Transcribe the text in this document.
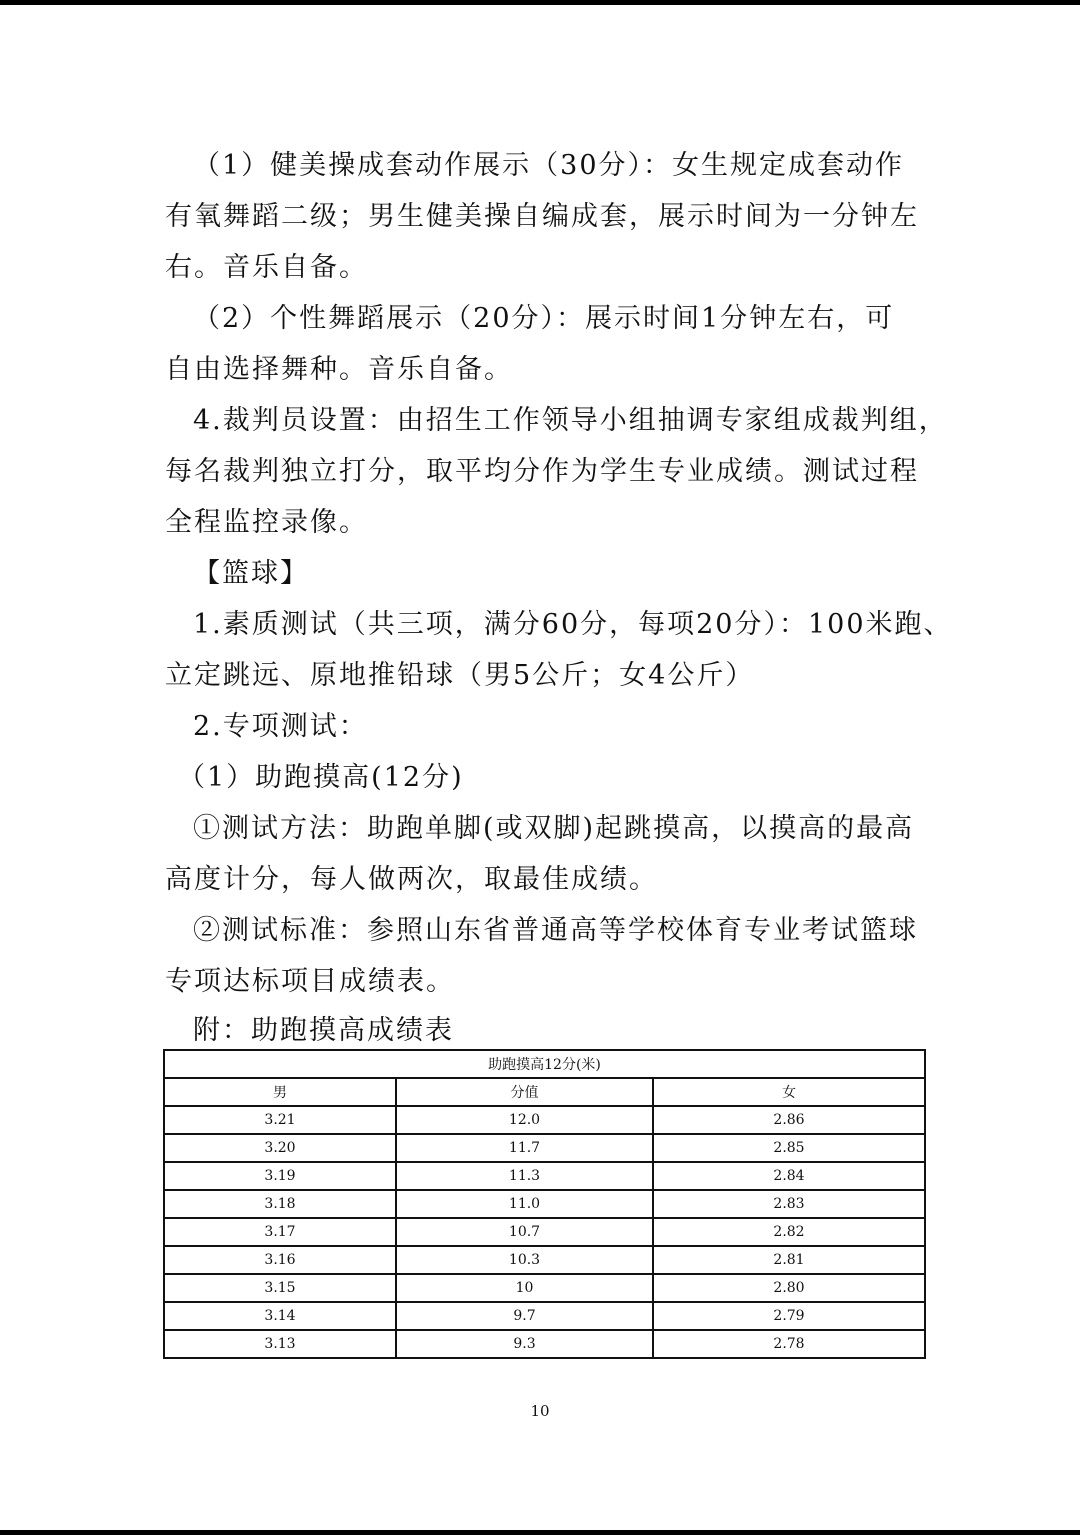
（1）健美操成套动作展示（30分）：女生规定成套动作

有氧舞蹈二级；男生健美操自编成套，展示时间为一分钟左

右。音乐自备。

（2）个性舞蹈展示（20分）：展示时间1分钟左右，可

自由选择舞种。音乐自备。

4.裁判员设置：由招生工作领导小组抽调专家组成裁判组，

每名裁判独立打分，取平均分作为学生专业成绩。测试过程

全程监控录像。

【篮球】

1.素质测试（共三项，满分60分，每项20分）：100米跑、

立定跳远、原地推铅球（男5公斤；女4公斤）

2.专项测试：

（1）助跑摸高(12分)

①测试方法：助跑单脚(或双脚)起跳摸高，以摸高的最高

高度计分，每人做两次，取最佳成绩。

②测试标准：参照山东省普通高等学校体育专业考试篮球

专项达标项目成绩表。

附：助跑摸高成绩表

助跑摸高12分(米)		
男	分值	女
3.21	12.0	2.86
3.20	11.7	2.85
3.19	11.3	2.84
3.18	11.0	2.83
3.17	10.7	2.82
3.16	10.3	2.81
3.15	10	2.80
3.14	9.7	2.79
3.13	9.3	2.78
10
